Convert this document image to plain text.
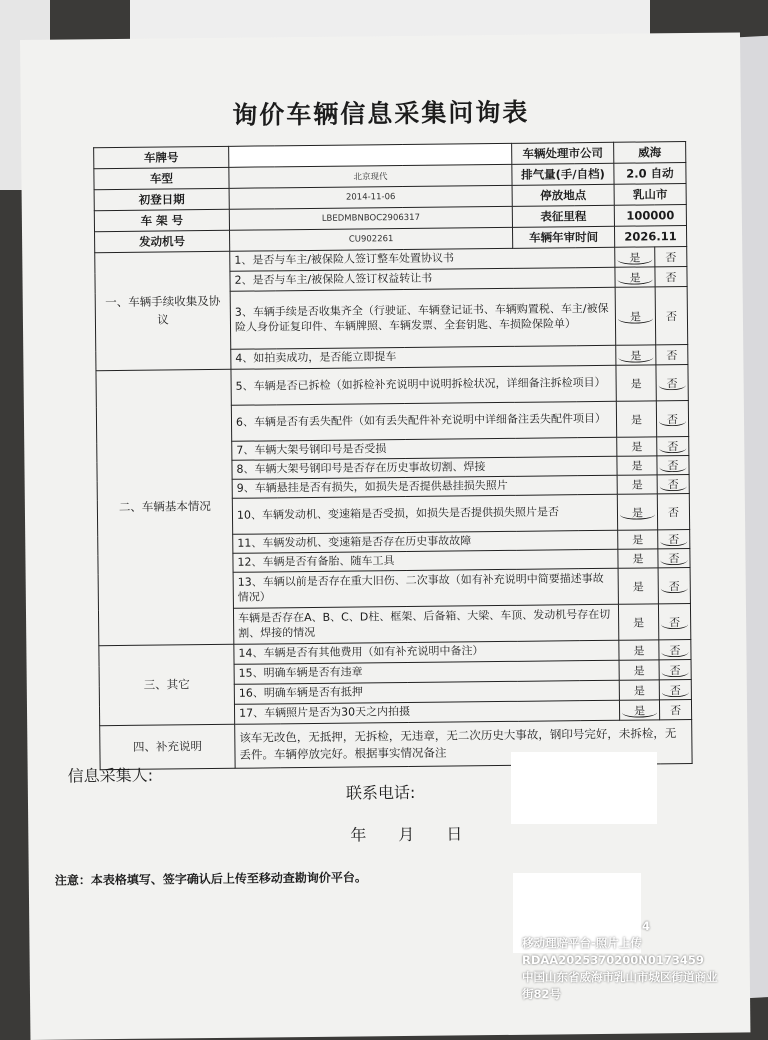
询价车辆信息采集问询表
车牌号		车辆处理市公司	威海	
车型	北京现代	排气量(手/自档)	2.0 自动	
初登日期	2014-11-06	停放地点	乳山市	
车 架 号	LBEDMBNBOC2906317	表征里程	100000	
发动机号	CU902261	车辆年审时间	2026.11	
一、车辆手续收集及协议	1、是否与车主/被保险人签订整车处置协议书		是	否
	2、是否与车主/被保险人签订权益转让书		是	否
	3、车辆手续是否收集齐全（行驶证、车辆登记证书、车辆购置税、车主/被保险人身份证复印件、车辆牌照、车辆发票、全套钥匙、车损险保险单）		是	否
	4、如拍卖成功，是否能立即提车		是	否
二、车辆基本情况	5、车辆是否已拆检（如拆检补充说明中说明拆检状况，详细备注拆检项目）		是	否
	6、车辆是否有丢失配件（如有丢失配件补充说明中详细备注丢失配件项目）		是	否
	7、车辆大架号钢印号是否受损		是	否
	8、车辆大架号钢印号是否存在历史事故切割、焊接		是	否
	9、车辆悬挂是否有损失，如损失是否提供悬挂损失照片		是	否
	10、车辆发动机、变速箱是否受损，如损失是否提供损失照片是否		是	否
	11、车辆发动机、变速箱是否存在历史事故故障		是	否
	12、车辆是否有备胎、随车工具		是	否
	13、车辆以前是否存在重大旧伤、二次事故（如有补充说明中简要描述事故情况）		是	否
	车辆是否存在A、B、C、D柱、框架、后备箱、大梁、车顶、发动机号存在切割、焊接的情况		是	否
三、其它	14、车辆是否有其他费用（如有补充说明中备注）		是	否
	15、明确车辆是否有违章		是	否
	16、明确车辆是否有抵押		是	否
	17、车辆照片是否为30天之内拍摄		是	否
四、补充说明	该车无改色，无抵押，无拆检，无违章，无二次历史大事故，钢印号完好，未拆检，无丢件。车辆停放完好。根据事实情况备注			
信息采集人:
联系电话:
年　　月　　日
注意：本表格填写、签字确认后上传至移动查勘询价平台。
4
移动理赔平台-照片上传
RDAA2025370200N0173459
中国山东省威海市乳山市城区街道商业
街82号
